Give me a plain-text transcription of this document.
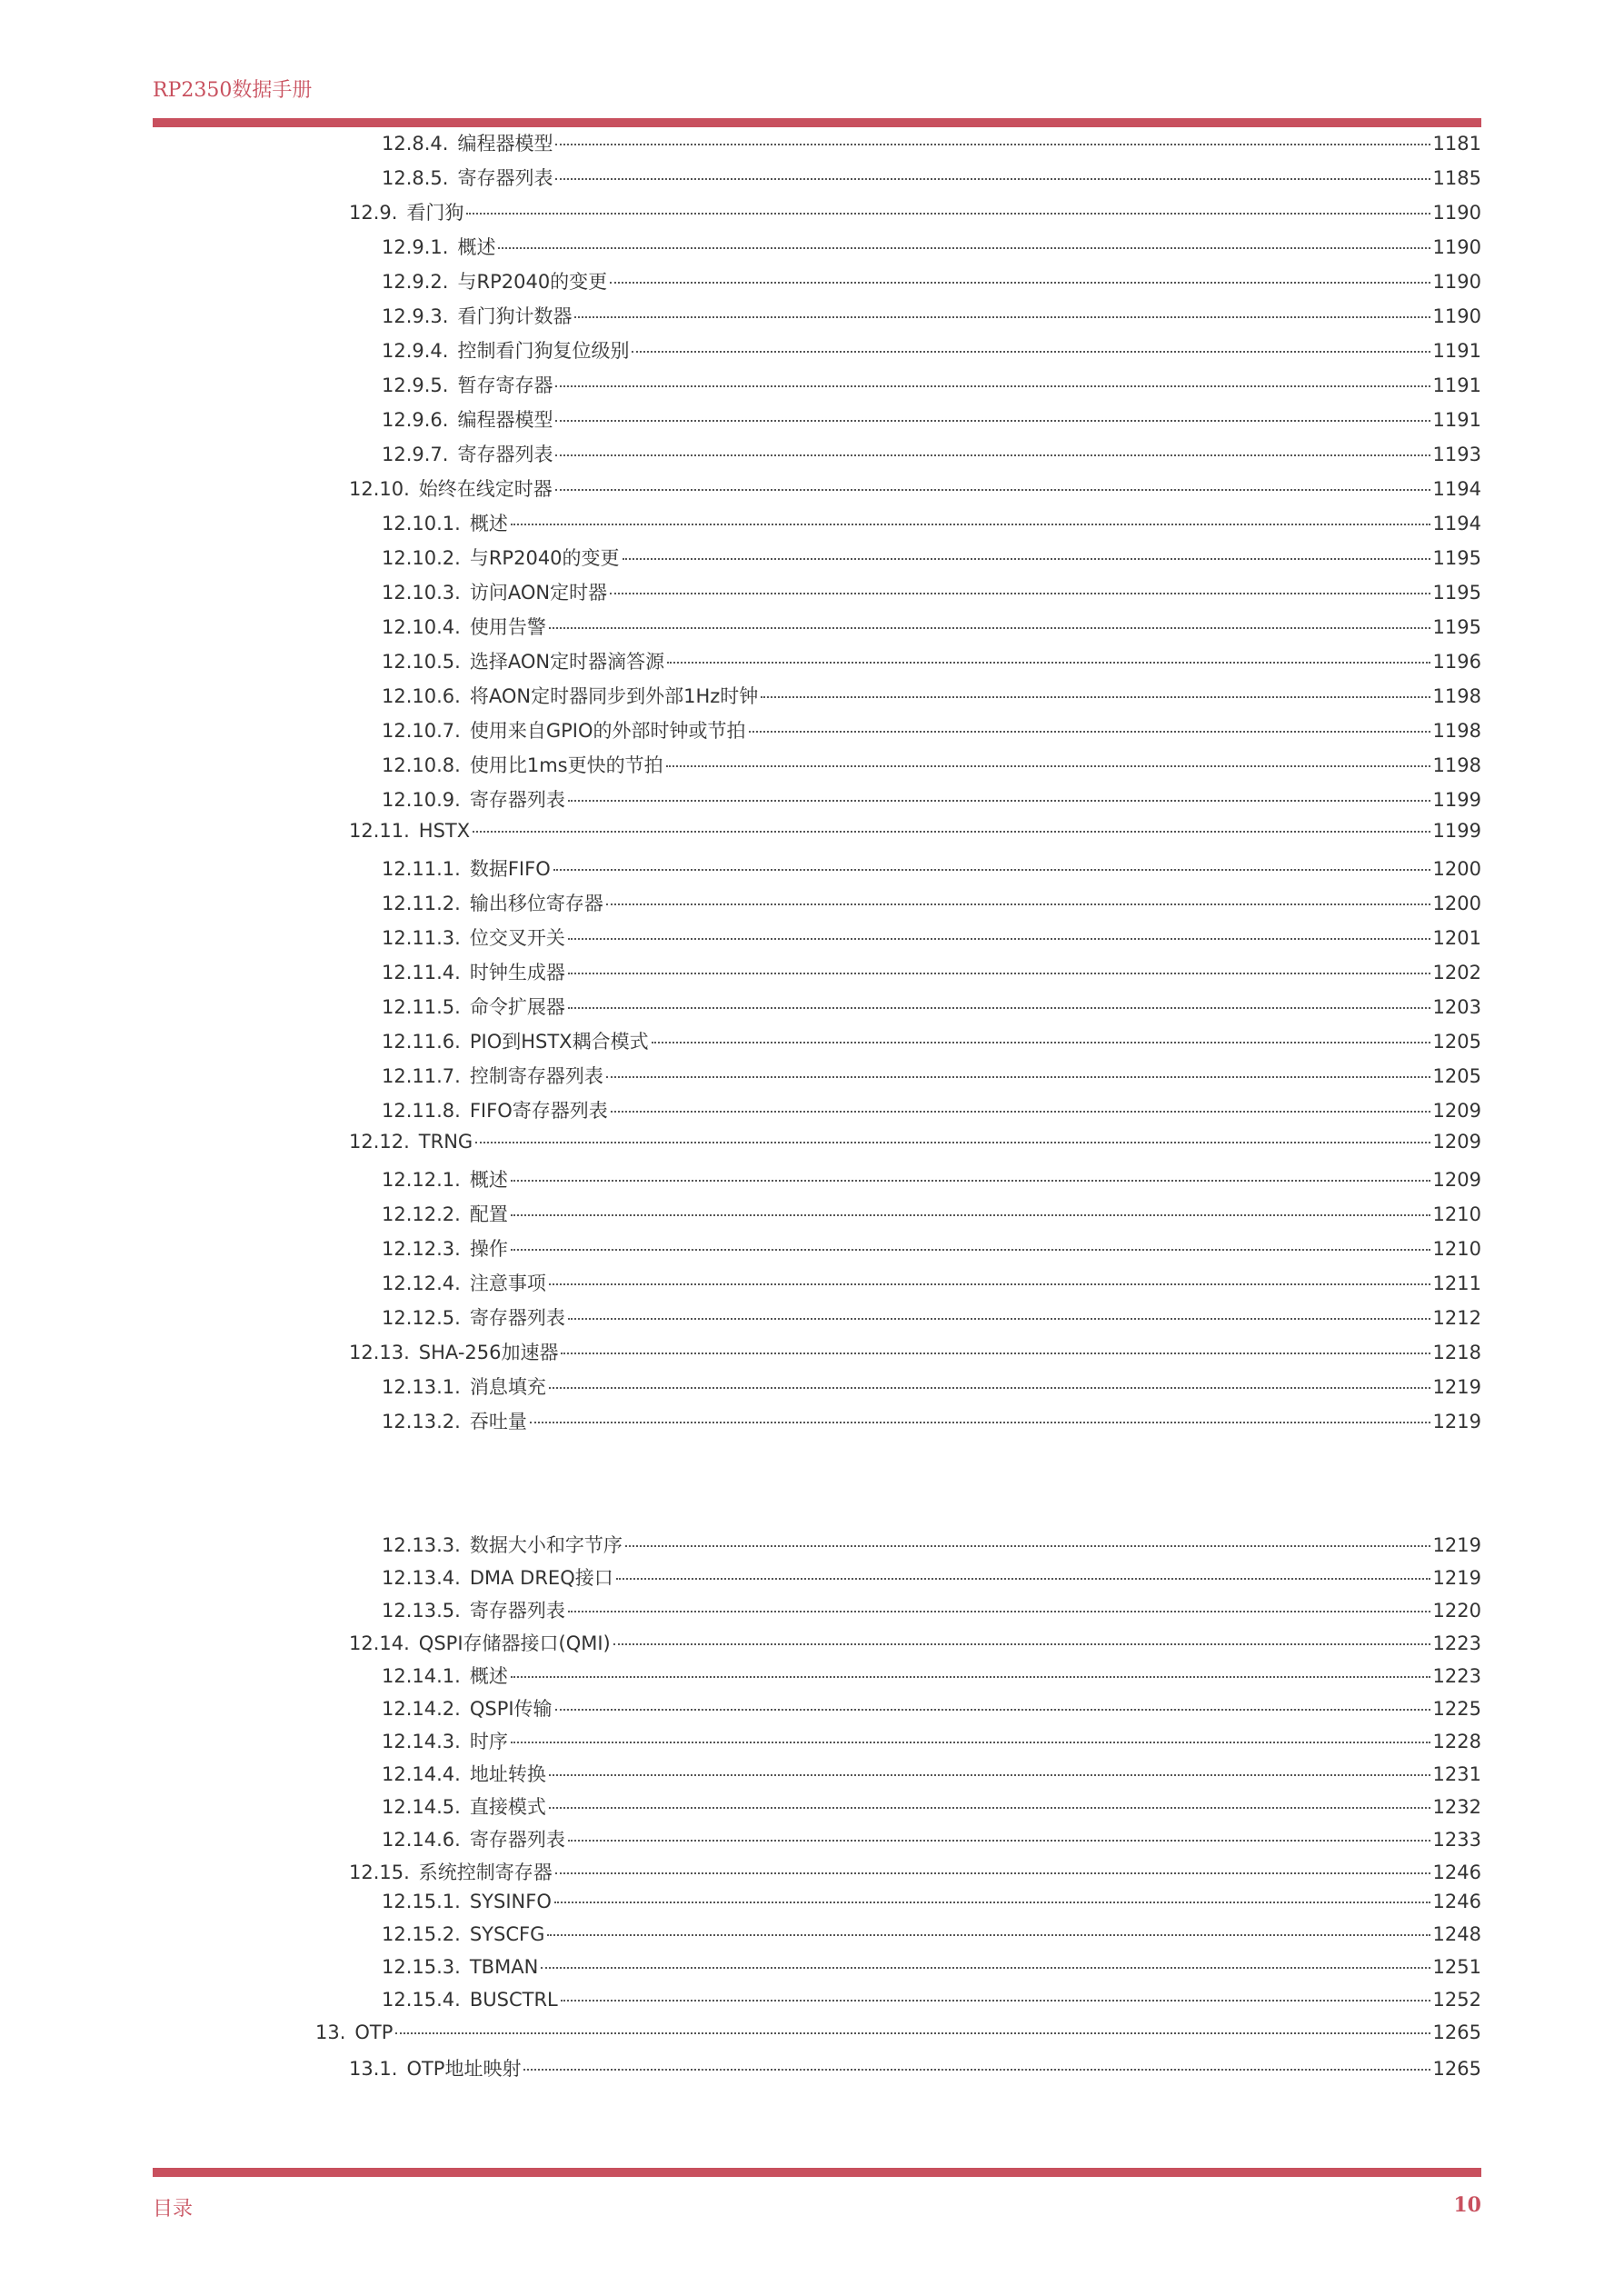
RP2350数据手册
12.8.4. 编程器模型	1181
12.8.5. 寄存器列表	1185
12.9. 看门狗	1190
12.9.1. 概述	1190
12.9.2. 与RP2040的变更	1190
12.9.3. 看门狗计数器	1190
12.9.4. 控制看门狗复位级别	1191
12.9.5. 暂存寄存器	1191
12.9.6. 编程器模型	1191
12.9.7. 寄存器列表	1193
12.10. 始终在线定时器	1194
12.10.1. 概述	1194
12.10.2. 与RP2040的变更	1195
12.10.3. 访问AON定时器	1195
12.10.4. 使用告警	1195
12.10.5. 选择AON定时器滴答源	1196
12.10.6. 将AON定时器同步到外部1Hz时钟	1198
12.10.7. 使用来自GPIO的外部时钟或节拍	1198
12.10.8. 使用比1ms更快的节拍	1198
12.10.9. 寄存器列表	1199
12.11. HSTX	1199
12.11.1. 数据FIFO	1200
12.11.2. 输出移位寄存器	1200
12.11.3. 位交叉开关	1201
12.11.4. 时钟生成器	1202
12.11.5. 命令扩展器	1203
12.11.6. PIO到HSTX耦合模式	1205
12.11.7. 控制寄存器列表	1205
12.11.8. FIFO寄存器列表	1209
12.12. TRNG	1209
12.12.1. 概述	1209
12.12.2. 配置	1210
12.12.3. 操作	1210
12.12.4. 注意事项	1211
12.12.5. 寄存器列表	1212
12.13. SHA-256加速器	1218
12.13.1. 消息填充	1219
12.13.2. 吞吐量	1219
12.13.3. 数据大小和字节序	1219
12.13.4. DMA DREQ接口	1219
12.13.5. 寄存器列表	1220
12.14. QSPI存储器接口(QMI)	1223
12.14.1. 概述	1223
12.14.2. QSPI传输	1225
12.14.3. 时序	1228
12.14.4. 地址转换	1231
12.14.5. 直接模式	1232
12.14.6. 寄存器列表	1233
12.15. 系统控制寄存器	1246
12.15.1. SYSINFO	1246
12.15.2. SYSCFG	1248
12.15.3. TBMAN	1251
12.15.4. BUSCTRL	1252
13. OTP	1265
13.1. OTP地址映射	1265
目录	10
